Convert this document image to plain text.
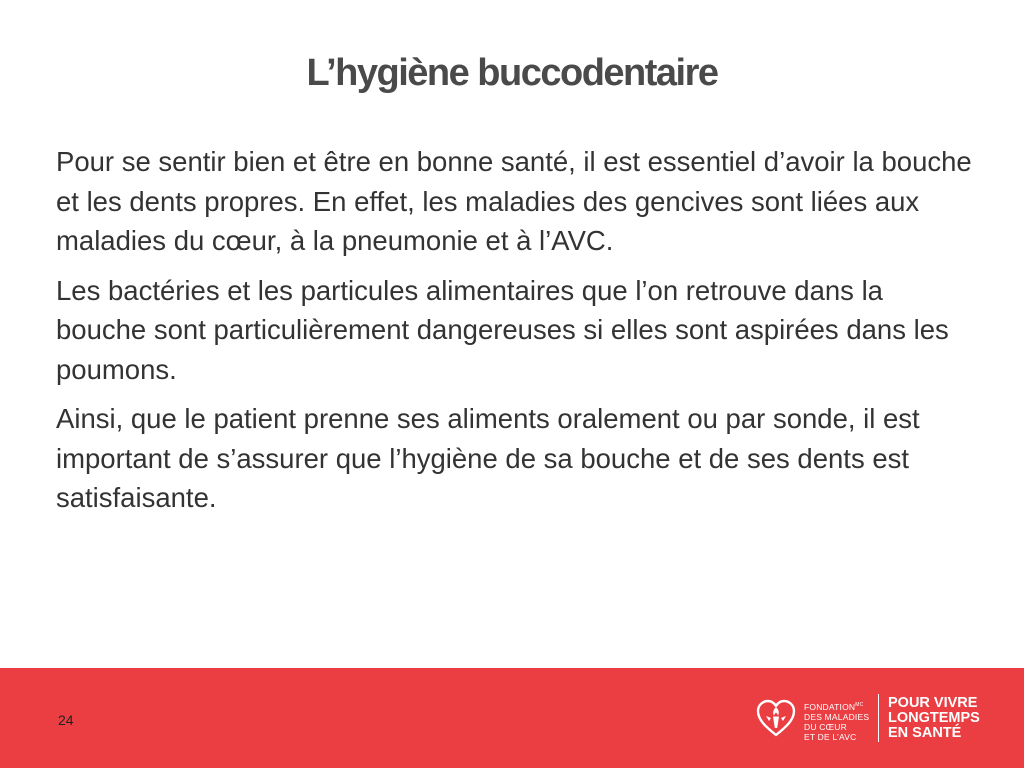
L’hygiène buccodentaire

Pour se sentir bien et être en bonne santé, il est essentiel d’avoir la bouche et les dents propres. En effet, les maladies des gencives sont liées aux maladies du cœur, à la pneumonie et à l’AVC.

Les bactéries et les particules alimentaires que l’on retrouve dans la bouche sont particulièrement dangereuses si elles sont aspirées dans les poumons.

Ainsi, que le patient prenne ses aliments oralement ou par sonde, il est important de s’assurer que l’hygiène de sa bouche et de ses dents est satisfaisante.

24
$FONDATION^{MC}$
DES MALADIES
DU CŒUR
ET DE L’AVC
POUR VIVRE
LONGTEMPS
EN SANTÉ
